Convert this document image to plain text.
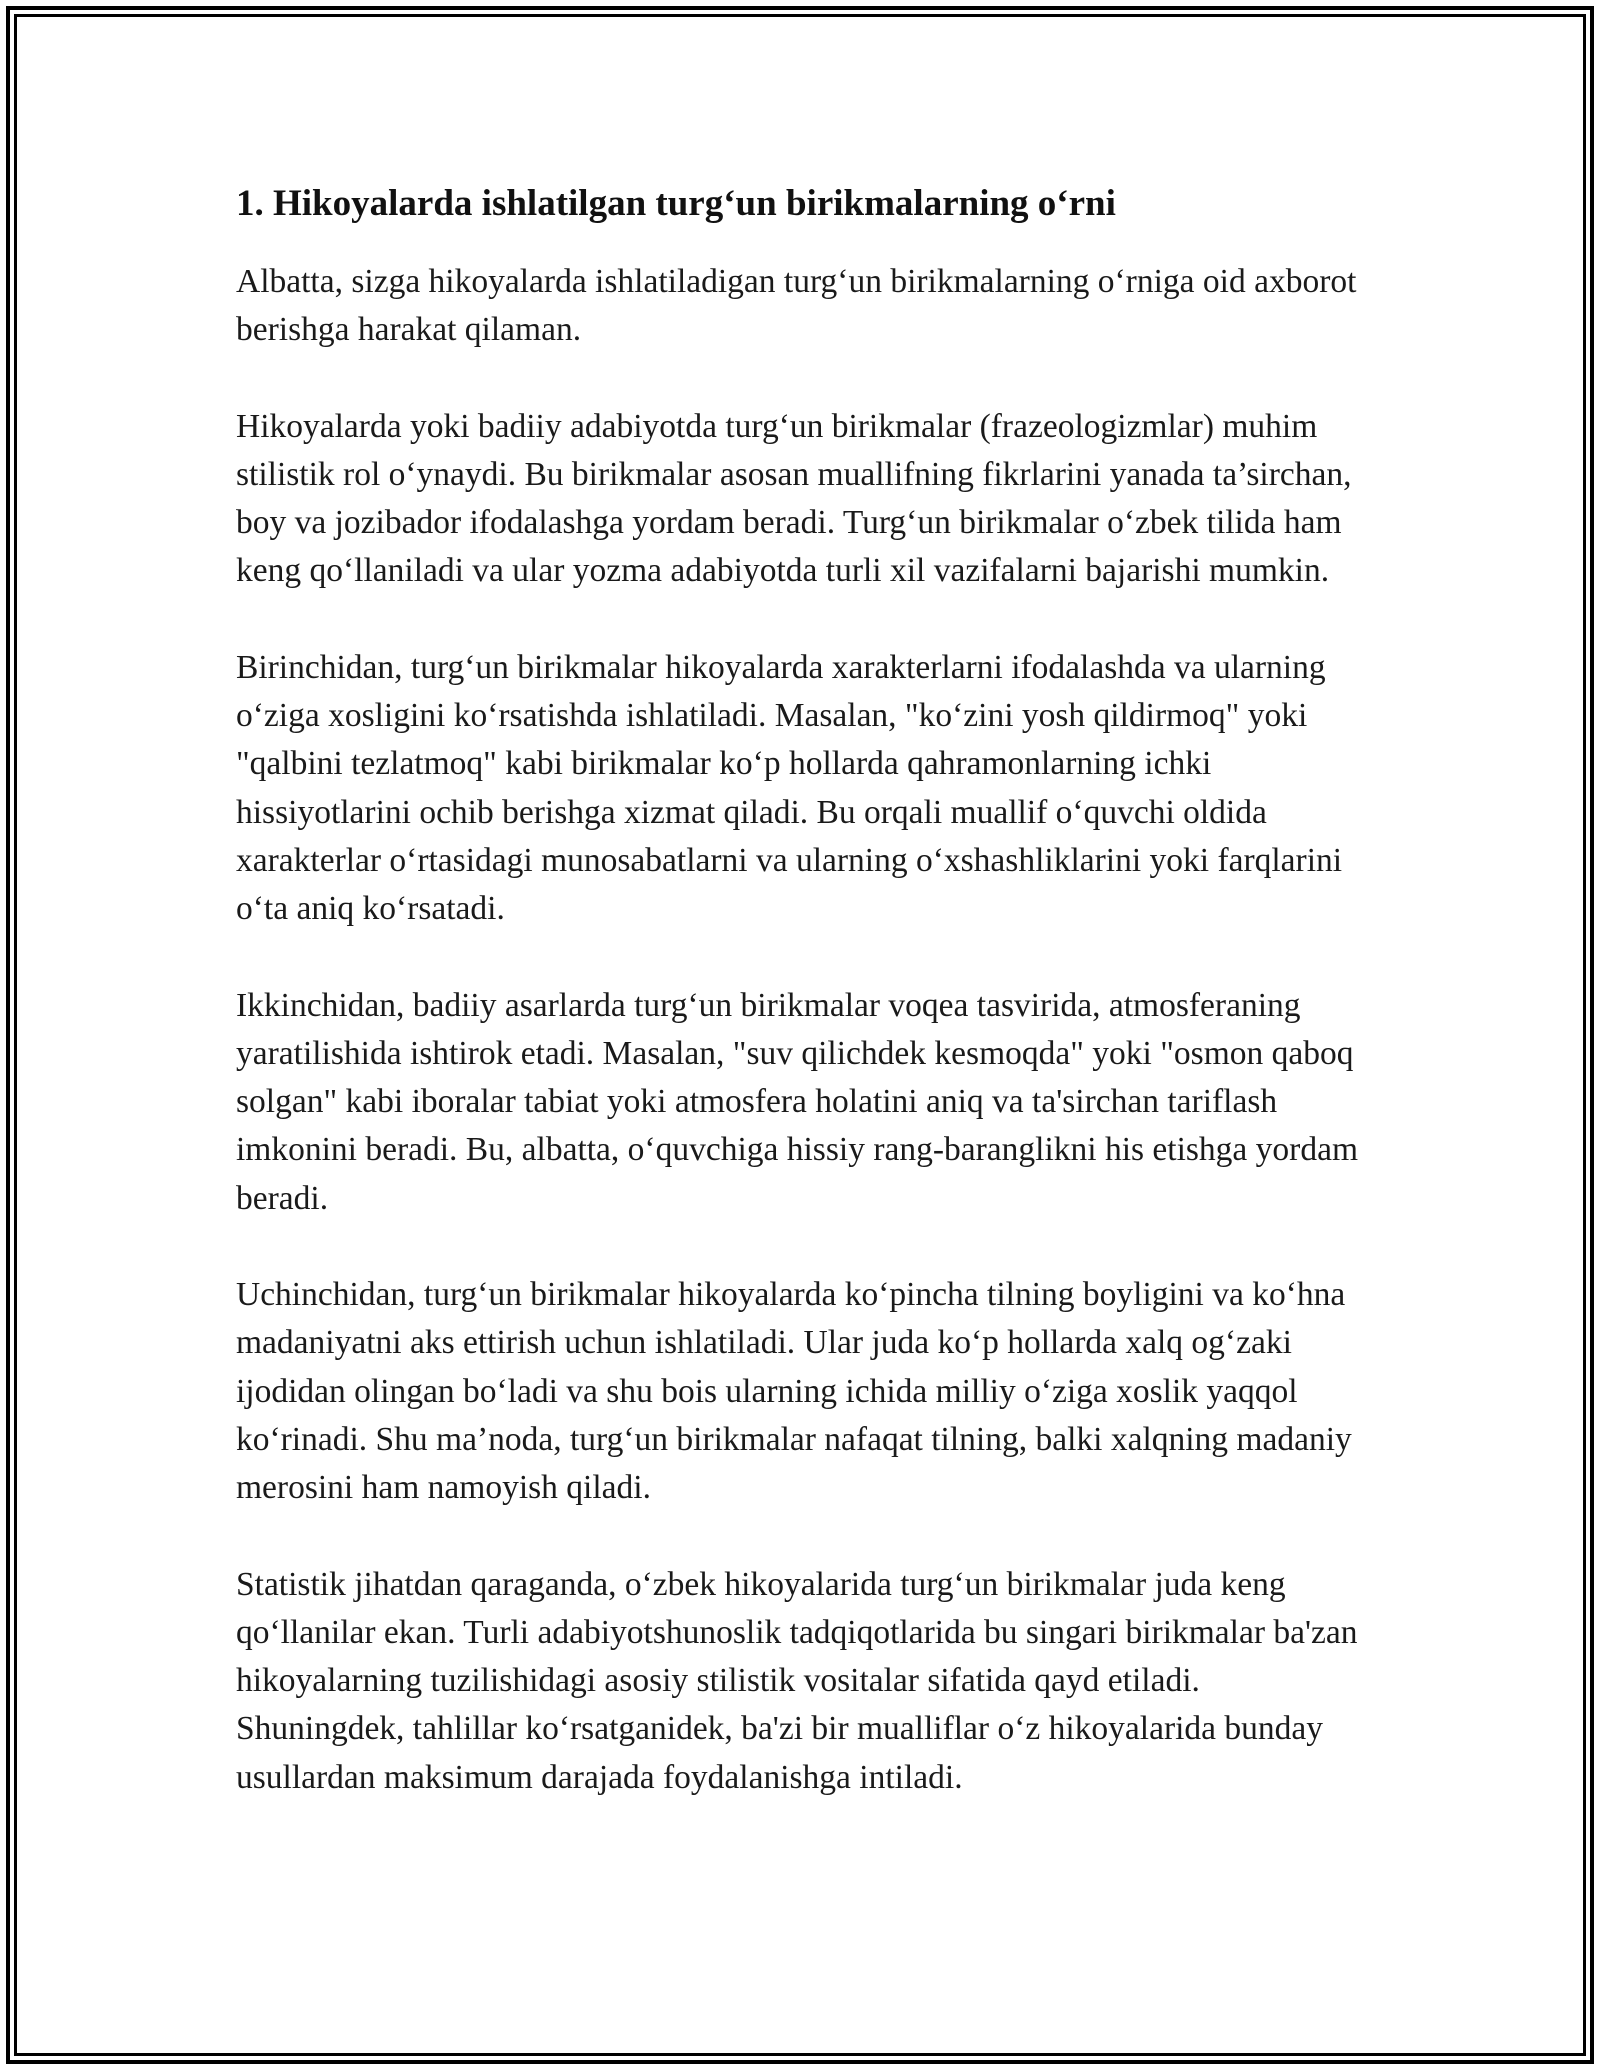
1. Hikoyalarda ishlatilgan turg‘un birikmalarning o‘rni

Albatta, sizga hikoyalarda ishlatiladigan turg‘un birikmalarning o‘rniga oid axborot berishga harakat qilaman.

Hikoyalarda yoki badiiy adabiyotda turg‘un birikmalar (frazeologizmlar) muhim stilistik rol o‘ynaydi. Bu birikmalar asosan muallifning fikrlarini yanada ta’sirchan, boy va jozibador ifodalashga yordam beradi. Turg‘un birikmalar o‘zbek tilida ham keng qo‘llaniladi va ular yozma adabiyotda turli xil vazifalarni bajarishi mumkin.

Birinchidan, turg‘un birikmalar hikoyalarda xarakterlarni ifodalashda va ularning o‘ziga xosligini ko‘rsatishda ishlatiladi. Masalan, "ko‘zini yosh qildirmoq" yoki "qalbini tezlatmoq" kabi birikmalar ko‘p hollarda qahramonlarning ichki hissiyotlarini ochib berishga xizmat qiladi. Bu orqali muallif o‘quvchi oldida xarakterlar o‘rtasidagi munosabatlarni va ularning o‘xshashliklarini yoki farqlarini o‘ta aniq ko‘rsatadi.

Ikkinchidan, badiiy asarlarda turg‘un birikmalar voqea tasvirida, atmosferaning yaratilishida ishtirok etadi. Masalan, "suv qilichdek kesmoqda" yoki "osmon qaboq solgan" kabi iboralar tabiat yoki atmosfera holatini aniq va ta'sirchan tariflash imkonini beradi. Bu, albatta, o‘quvchiga hissiy rang-baranglikni his etishga yordam beradi.

Uchinchidan, turg‘un birikmalar hikoyalarda ko‘pincha tilning boyligini va ko‘hna madaniyatni aks ettirish uchun ishlatiladi. Ular juda ko‘p hollarda xalq og‘zaki ijodidan olingan bo‘ladi va shu bois ularning ichida milliy o‘ziga xoslik yaqqol ko‘rinadi. Shu ma’noda, turg‘un birikmalar nafaqat tilning, balki xalqning madaniy merosini ham namoyish qiladi.

Statistik jihatdan qaraganda, o‘zbek hikoyalarida turg‘un birikmalar juda keng qo‘llanilar ekan. Turli adabiyotshunoslik tadqiqotlarida bu singari birikmalar ba'zan hikoyalarning tuzilishidagi asosiy stilistik vositalar sifatida qayd etiladi. Shuningdek, tahlillar ko‘rsatganidek, ba'zi bir mualliflar o‘z hikoyalarida bunday usullardan maksimum darajada foydalanishga intiladi.
